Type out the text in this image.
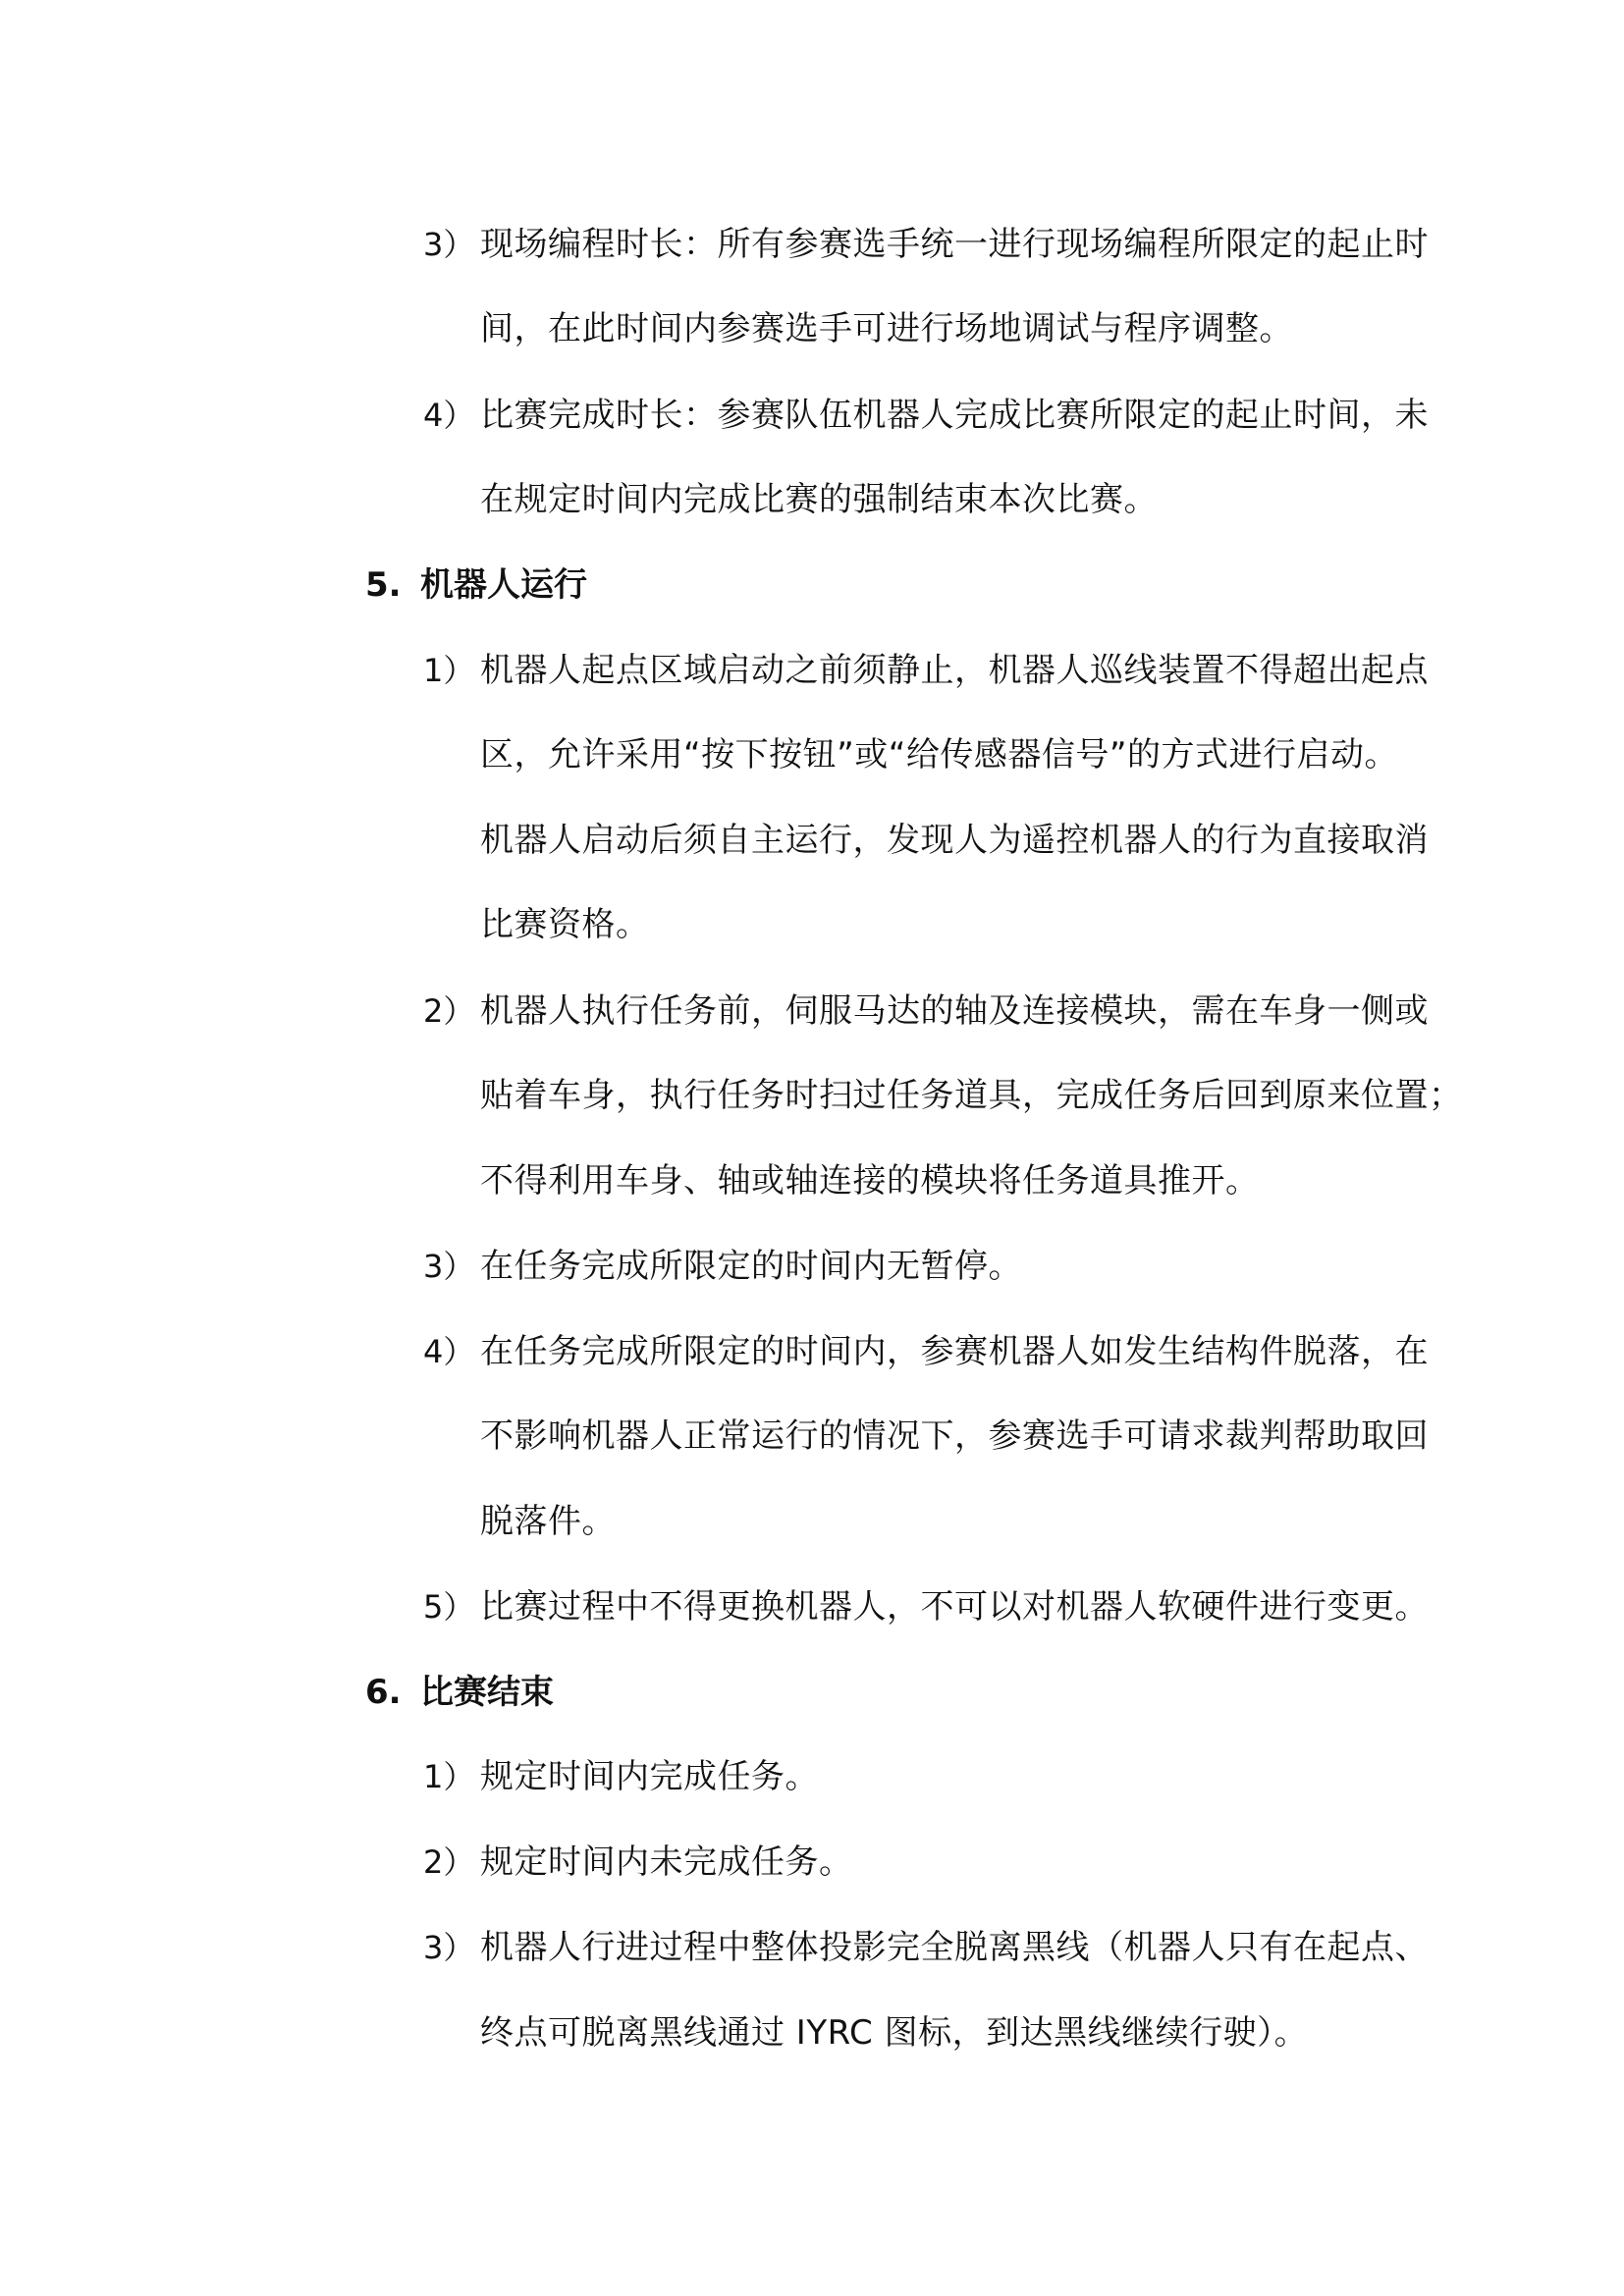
3） 现场编程时长：所有参赛选手统一进行现场编程所限定的起止时
间，在此时间内参赛选手可进行场地调试与程序调整。
4） 比赛完成时长：参赛队伍机器人完成比赛所限定的起止时间，未
在规定时间内完成比赛的强制结束本次比赛。
5. 机器人运行
1） 机器人起点区域启动之前须静止，机器人巡线装置不得超出起点
区，允许采用“按下按钮”或“给传感器信号”的方式进行启动。
机器人启动后须自主运行，发现人为遥控机器人的行为直接取消
比赛资格。
2） 机器人执行任务前，伺服马达的轴及连接模块，需在车身一侧或
贴着车身，执行任务时扫过任务道具，完成任务后回到原来位置；
不得利用车身、轴或轴连接的模块将任务道具推开。
3） 在任务完成所限定的时间内无暂停。
4） 在任务完成所限定的时间内，参赛机器人如发生结构件脱落，在
不影响机器人正常运行的情况下，参赛选手可请求裁判帮助取回
脱落件。
5） 比赛过程中不得更换机器人，不可以对机器人软硬件进行变更。
6. 比赛结束
1） 规定时间内完成任务。
2） 规定时间内未完成任务。
3） 机器人行进过程中整体投影完全脱离黑线（机器人只有在起点、
终点可脱离黑线通过 IYRC 图标，到达黑线继续行驶）。
